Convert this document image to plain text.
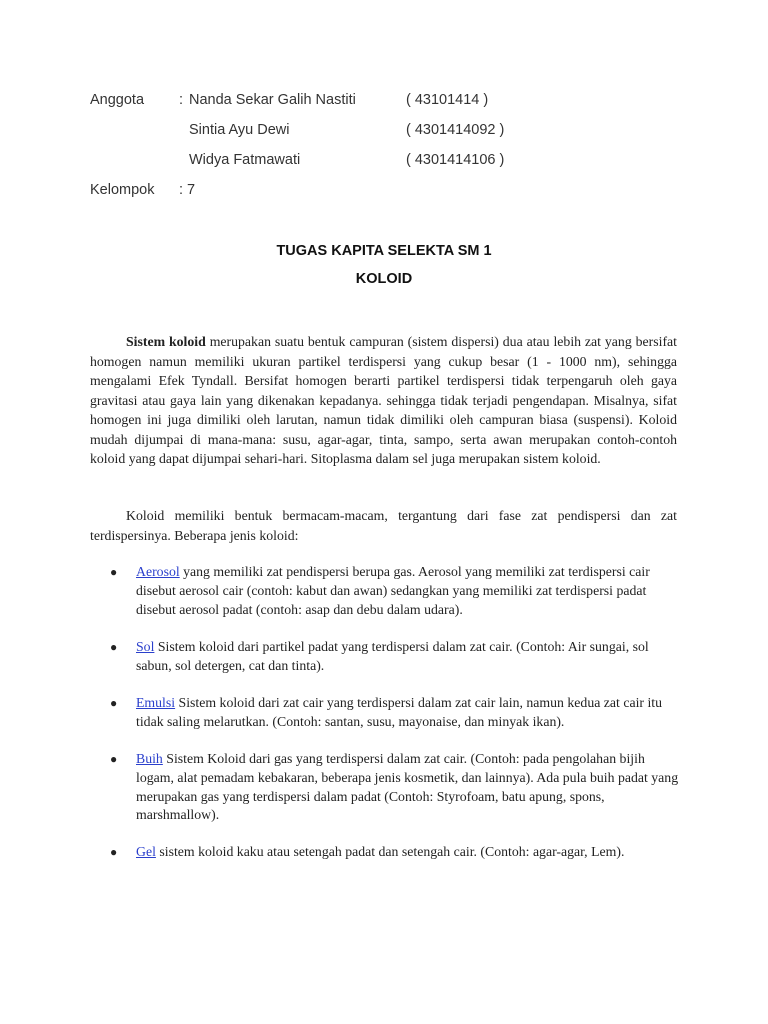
Anggota : Nanda Sekar Galih Nastiti	( 43101414 )
Sintia Ayu Dewi	( 4301414092 )
Widya Fatmawati	( 4301414106 )
Kelompok : 7
TUGAS KAPITA SELEKTA SM 1
KOLOID

Sistem koloid merupakan suatu bentuk campuran (sistem dispersi) dua atau lebih zat yang bersifat homogen namun memiliki ukuran partikel terdispersi yang cukup besar (1 - 1000 nm), sehingga mengalami Efek Tyndall. Bersifat homogen berarti partikel terdispersi tidak terpengaruh oleh gaya gravitasi atau gaya lain yang dikenakan kepadanya. sehingga tidak terjadi pengendapan. Misalnya, sifat homogen ini juga dimiliki oleh larutan, namun tidak dimiliki oleh campuran biasa (suspensi). Koloid mudah dijumpai di mana-mana: susu, agar-agar, tinta, sampo, serta awan merupakan contoh-contoh koloid yang dapat dijumpai sehari-hari. Sitoplasma dalam sel juga merupakan sistem koloid.

Koloid memiliki bentuk bermacam-macam, tergantung dari fase zat pendispersi dan zat terdispersinya. Beberapa jenis koloid:

● Aerosol yang memiliki zat pendispersi berupa gas. Aerosol yang memiliki zat terdispersi cair disebut aerosol cair (contoh: kabut dan awan) sedangkan yang memiliki zat terdispersi padat disebut aerosol padat (contoh: asap dan debu dalam udara).
● Sol Sistem koloid dari partikel padat yang terdispersi dalam zat cair. (Contoh: Air sungai, sol sabun, sol detergen, cat dan tinta).
● Emulsi Sistem koloid dari zat cair yang terdispersi dalam zat cair lain, namun kedua zat cair itu tidak saling melarutkan. (Contoh: santan, susu, mayonaise, dan minyak ikan).
● Buih Sistem Koloid dari gas yang terdispersi dalam zat cair. (Contoh: pada pengolahan bijih logam, alat pemadam kebakaran, beberapa jenis kosmetik, dan lainnya). Ada pula buih padat yang merupakan gas yang terdispersi dalam padat (Contoh: Styrofoam, batu apung, spons, marshmallow).
● Gel sistem koloid kaku atau setengah padat dan setengah cair. (Contoh: agar-agar, Lem).
